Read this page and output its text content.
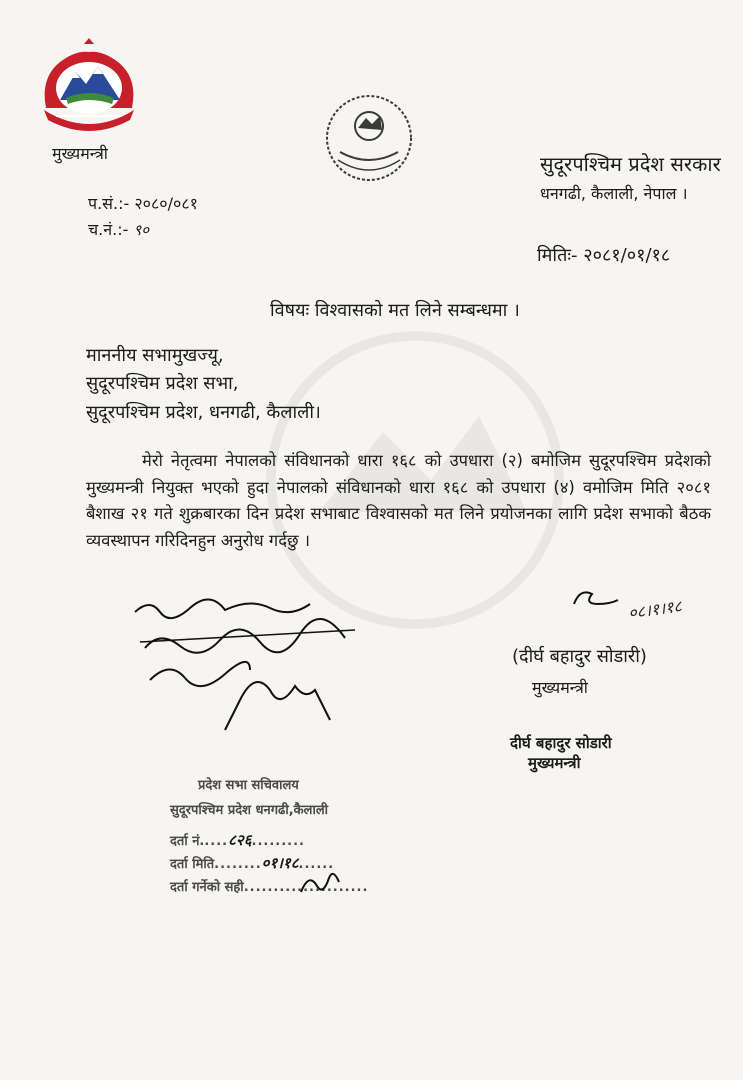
मुख्यमन्त्री	सुदूरपश्चिम प्रदेश सरकार
धनगढी, कैलाली, नेपाल ।
प.सं.:- २०८०/०८१
च.नं.:- ९०
मितिः- २०८१/०१/१८
विषयः विश्वासको मत लिने सम्बन्धमा ।
माननीय सभामुखज्यू,
सुदूरपश्चिम प्रदेश सभा,
सुदूरपश्चिम प्रदेश, धनगढी, कैलाली।
मेरो नेतृत्वमा नेपालको संविधानको धारा १६८ को उपधारा (२) बमोजिम सुदूरपश्चिम प्रदेशको मुख्यमन्त्री नियुक्त भएको हुदा नेपालको संविधानको धारा १६८ को उपधारा (४) वमोजिम मिति २०८१ बैशाख २१ गते शुक्रबारका दिन प्रदेश सभाबाट विश्वासको मत लिने प्रयोजनका लागि प्रदेश सभाको बैठक व्यवस्थापन गरिदिनहुन अनुरोध गर्दछु ।
०८।१।१८
(दीर्घ बहादुर सोडारी)
मुख्यमन्त्री
दीर्घ बहादुर सोडारी
मुख्यमन्त्री
प्रदेश सभा सचिवालय
सुदूरपश्चिम प्रदेश धनगढी,कैलाली
दर्ता नं.....८२६.........
दर्ता मिति........०१।१८......
दर्ता गर्नेको सही.....................
